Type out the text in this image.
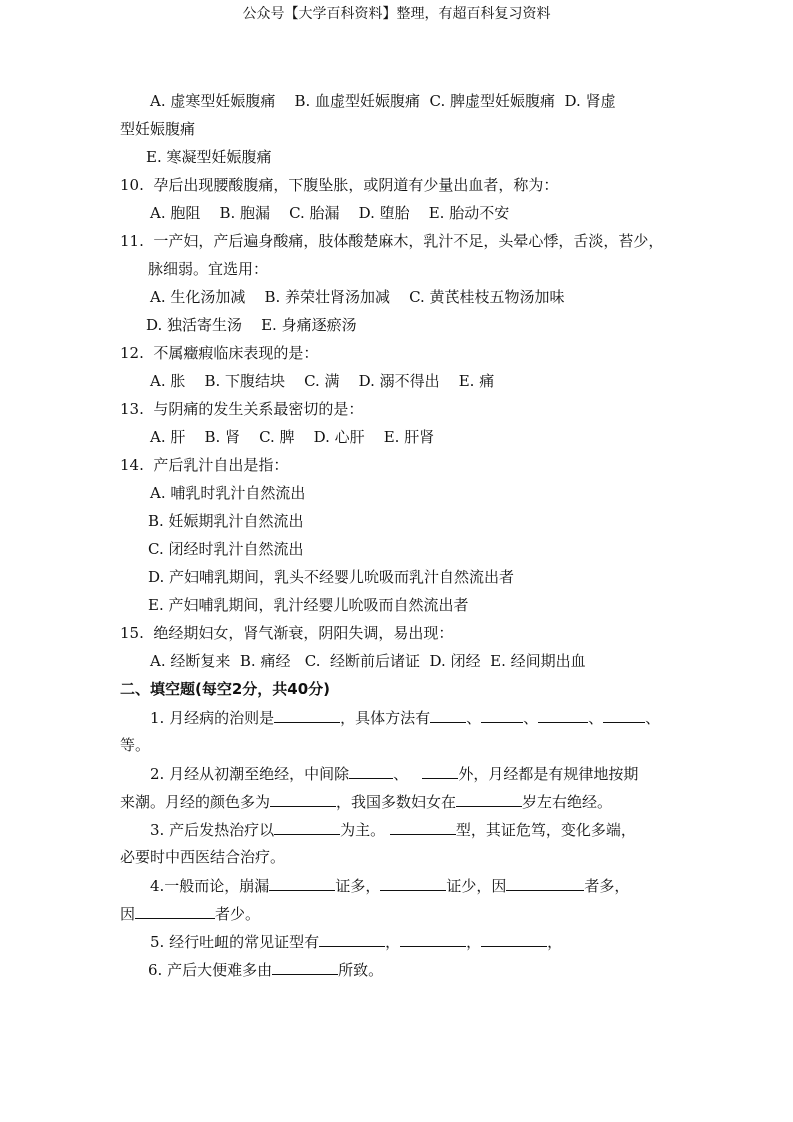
公众号【大学百科资料】整理，有超百科复习资料
A. 虚寒型妊娠腹痛    B. 血虚型妊娠腹痛  C. 脾虚型妊娠腹痛  D. 肾虚
型妊娠腹痛
E. 寒凝型妊娠腹痛
10.  孕后出现腰酸腹痛，下腹坠胀，或阴道有少量出血者，称为：
A. 胞阻    B. 胞漏    C. 胎漏    D. 堕胎    E. 胎动不安
11.  一产妇，产后遍身酸痛，肢体酸楚麻木，乳汁不足，头晕心悸，舌淡，苔少，
脉细弱。宜选用：
A. 生化汤加减    B. 养荣壮肾汤加减    C. 黄芪桂枝五物汤加味
D. 独活寄生汤    E. 身痛逐瘀汤
12.  不属癥瘕临床表现的是：
A. 胀    B. 下腹结块    C. 满    D. 溺不得出    E. 痛
13.  与阴痛的发生关系最密切的是：
A. 肝    B. 肾    C. 脾    D. 心肝    E. 肝肾
14.  产后乳汁自出是指：
A. 哺乳时乳汁自然流出
B. 妊娠期乳汁自然流出
C. 闭经时乳汁自然流出
D. 产妇哺乳期间，乳头不经婴儿吮吸而乳汁自然流出者
E. 产妇哺乳期间，乳汁经婴儿吮吸而自然流出者
15.  绝经期妇女，肾气渐衰，阴阳失调，易出现：
A. 经断复来  B. 痛经   C.  经断前后诸证  D. 闭经  E. 经间期出血
二、填空题(每空2分，共40分)
1. 月经病的治则是	，具体方法有 、	、	、	、
等。
2. 月经从初潮至绝经，中间除	、	外，月经都是有规律地按期
来潮。月经的颜色多为	，我国多数妇女在	岁左右绝经。
3. 产后发热治疗以	为主。	型，其证危笃，变化多端，
必要时中西医结合治疗。
4.一般而论，崩漏	证多，	证少，因	者多，
因	者少。
5. 经行吐衄的常见证型有	，	，	，
6. 产后大便难多由	所致。
